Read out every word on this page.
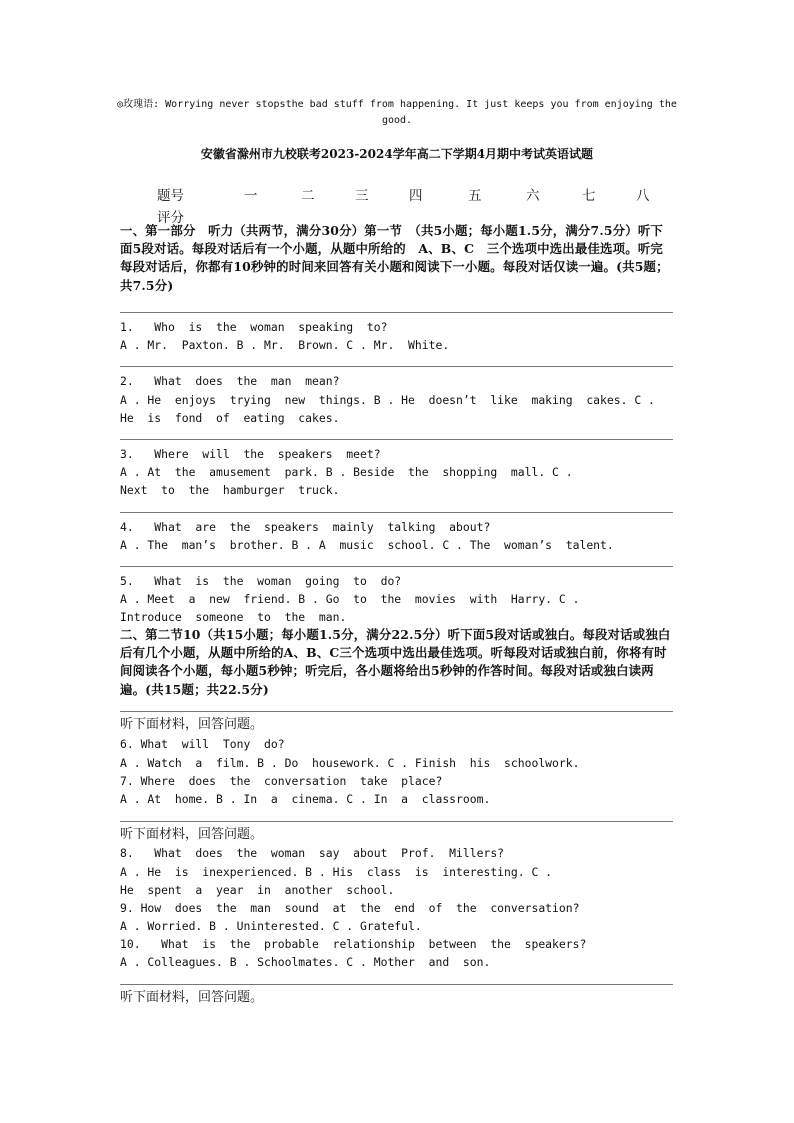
◎玫瑰语: Worrying never stopsthe bad stuff from happening. It just keeps you from enjoying the good.
安徽省滁州市九校联考2023-2024学年高二下学期4月期中考试英语试题
题号	一	二	三	四	五	六	七	八
评分
一、第一部分　听力（共两节，满分30分）第一节　（共5小题；每小题1.5分，满分7.5分）听下面5段对话。每段对话后有一个小题，从题中所给的　A、B、C　三个选项中选出最佳选项。听完每段对话后，你都有10秒钟的时间来回答有关小题和阅读下一小题。每段对话仅读一遍。(共5题；共7.5分)
1.   Who  is  the  woman  speaking  to?
A . Mr.  Paxton. B . Mr.  Brown. C . Mr.  White.
2.   What  does  the  man  mean?
A . He  enjoys  trying  new  things. B . He  doesn’t  like  making  cakes. C .
He  is  fond  of  eating  cakes.
3.   Where  will  the  speakers  meet?
A . At  the  amusement  park. B . Beside  the  shopping  mall. C .
Next  to  the  hamburger  truck.
4.   What  are  the  speakers  mainly  talking  about?
A . The  man’s  brother. B . A  music  school. C . The  woman’s  talent.
5.   What  is  the  woman  going  to  do?
A . Meet  a  new  friend. B . Go  to  the  movies  with  Harry. C .
Introduce  someone  to  the  man.
二、第二节10（共15小题；每小题1.5分，满分22.5分）听下面5段对话或独白。每段对话或独白后有几个小题，从题中所给的A、B、C三个选项中选出最佳选项。听每段对话或独白前，你将有时间阅读各个小题，每小题5秒钟；听完后，各小题将给出5秒钟的作答时间。每段对话或独白读两遍。(共15题；共22.5分)
听下面材料，回答问题。
6. What  will  Tony  do?
A . Watch  a  film. B . Do  housework. C . Finish  his  schoolwork.
7. Where  does  the  conversation  take  place?
A . At  home. B . In  a  cinema. C . In  a  classroom.
听下面材料，回答问题。
8.   What  does  the  woman  say  about  Prof.  Millers?
A . He  is  inexperienced. B . His  class  is  interesting. C .
He  spent  a  year  in  another  school.
9. How  does  the  man  sound  at  the  end  of  the  conversation?
A . Worried. B . Uninterested. C . Grateful.
10.   What  is  the  probable  relationship  between  the  speakers?
A . Colleagues. B . Schoolmates. C . Mother  and  son.
听下面材料，回答问题。
